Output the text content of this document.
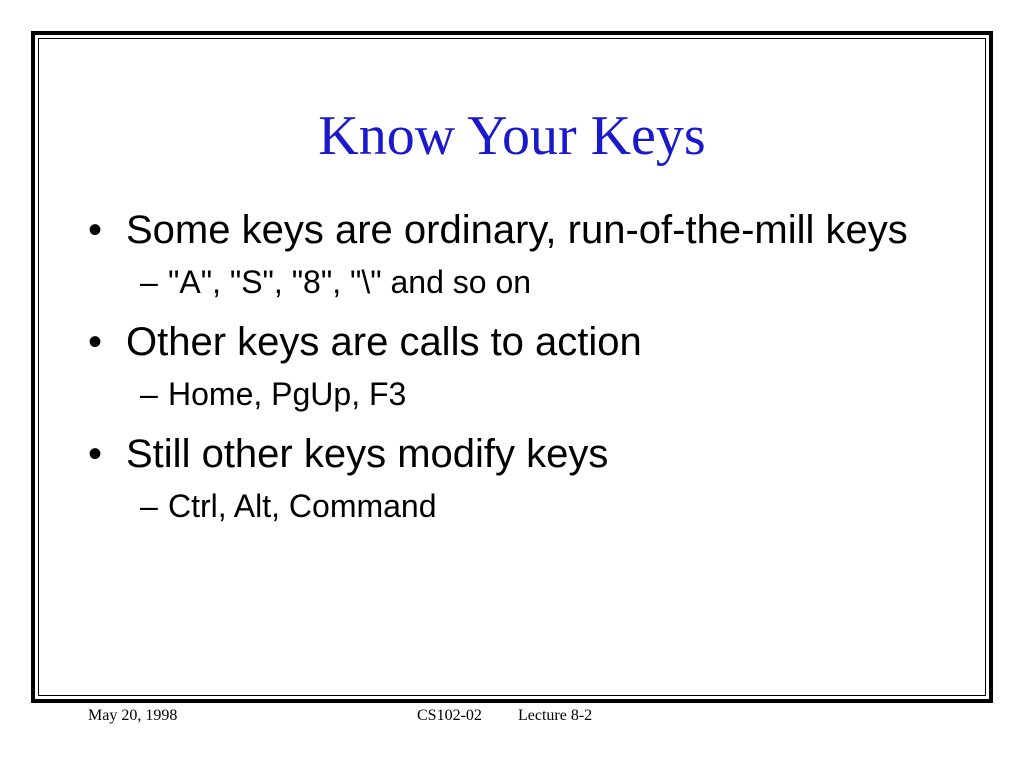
Know Your Keys
• Some keys are ordinary, run-of-the-mill keys
– "A", "S", "8", "\" and so on
• Other keys are calls to action
– Home, PgUp, F3
• Still other keys modify keys
– Ctrl, Alt, Command
May 20, 1998	CS102-02 Lecture 8-2
